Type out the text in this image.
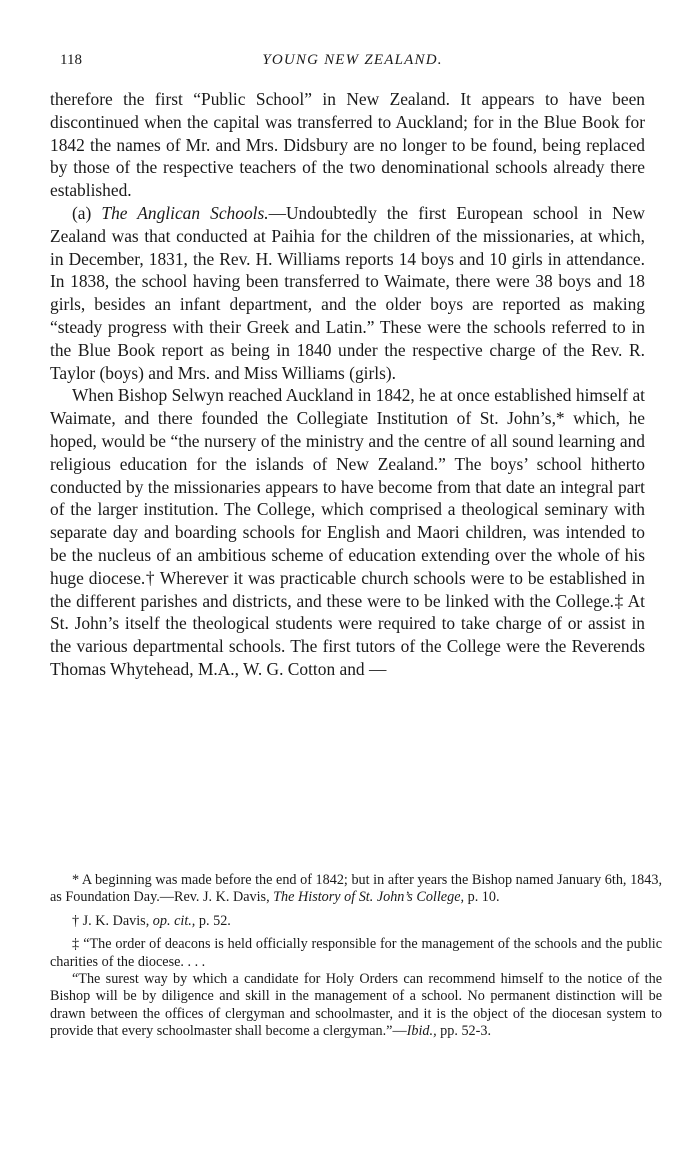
118	YOUNG NEW ZEALAND.

therefore the first “Public School” in New Zealand. It appears to have been discontinued when the capital was transferred to Auckland; for in the Blue Book for 1842 the names of Mr. and Mrs. Didsbury are no longer to be found, being replaced by those of the respective teachers of the two denominational schools already there established.

(a) The Anglican Schools.—Undoubtedly the first European school in New Zealand was that conducted at Paihia for the children of the missionaries, at which, in December, 1831, the Rev. H. Williams reports 14 boys and 10 girls in attendance. In 1838, the school having been transferred to Waimate, there were 38 boys and 18 girls, besides an infant department, and the older boys are reported as making “steady progress with their Greek and Latin.” These were the schools referred to in the Blue Book report as being in 1840 under the respective charge of the Rev. R. Taylor (boys) and Mrs. and Miss Williams (girls).

When Bishop Selwyn reached Auckland in 1842, he at once established himself at Waimate, and there founded the Collegiate Institution of St. John’s,* which, he hoped, would be “the nursery of the ministry and the centre of all sound learning and religious education for the islands of New Zealand.” The boys’ school hitherto conducted by the missionaries appears to have become from that date an integral part of the larger institution. The College, which comprised a theological seminary with separate day and boarding schools for English and Maori children, was intended to be the nucleus of an ambitious scheme of education extending over the whole of his huge diocese.† Wherever it was practicable church schools were to be established in the different parishes and districts, and these were to be linked with the College.‡ At St. John’s itself the theological students were required to take charge of or assist in the various departmental schools. The first tutors of the College were the Reverends Thomas Whytehead, M.A., W. G. Cotton and —

* A beginning was made before the end of 1842; but in after years the Bishop named January 6th, 1843, as Foundation Day.—Rev. J. K. Davis, The History of St. John’s College, p. 10.

† J. K. Davis, op. cit., p. 52.

‡ “The order of deacons is held officially responsible for the management of the schools and the public charities of the diocese. . . .

“The surest way by which a candidate for Holy Orders can recommend himself to the notice of the Bishop will be by diligence and skill in the management of a school. No permanent distinction will be drawn between the offices of clergyman and schoolmaster, and it is the object of the diocesan system to provide that every schoolmaster shall become a clergyman.”—Ibid., pp. 52-3.
